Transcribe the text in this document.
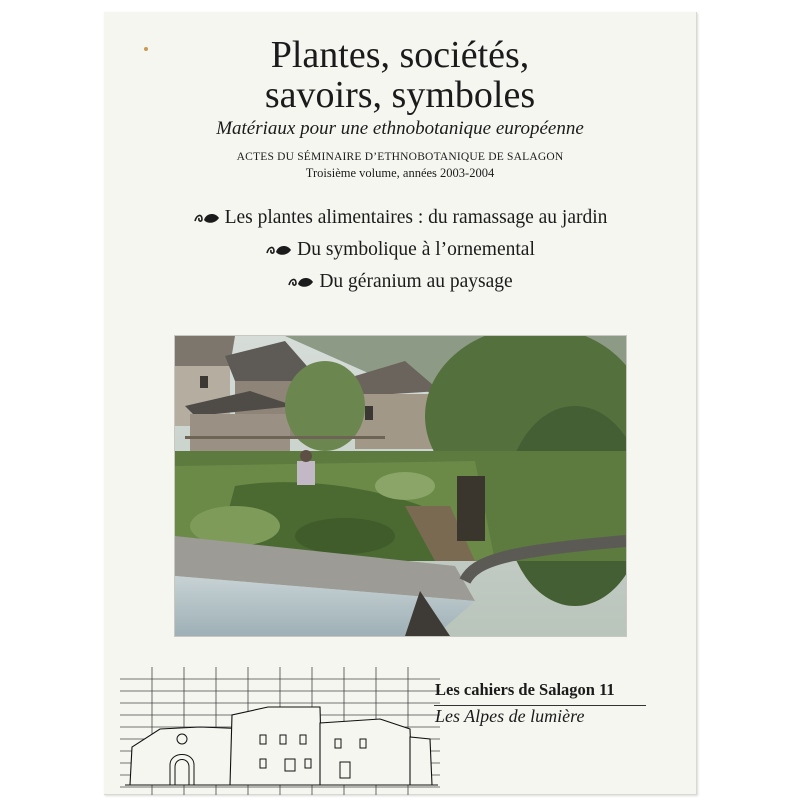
Plantes, sociétés,
savoirs, symboles
Matériaux pour une ethnobotanique européenne
ACTES DU SÉMINAIRE D’ETHNOBOTANIQUE DE SALAGON
Troisième volume, années 2003-2004
Les plantes alimentaires : du ramassage au jardin
Du symbolique à l’ornemental
Du géranium au paysage
Les cahiers de Salagon 11
Les Alpes de lumière
